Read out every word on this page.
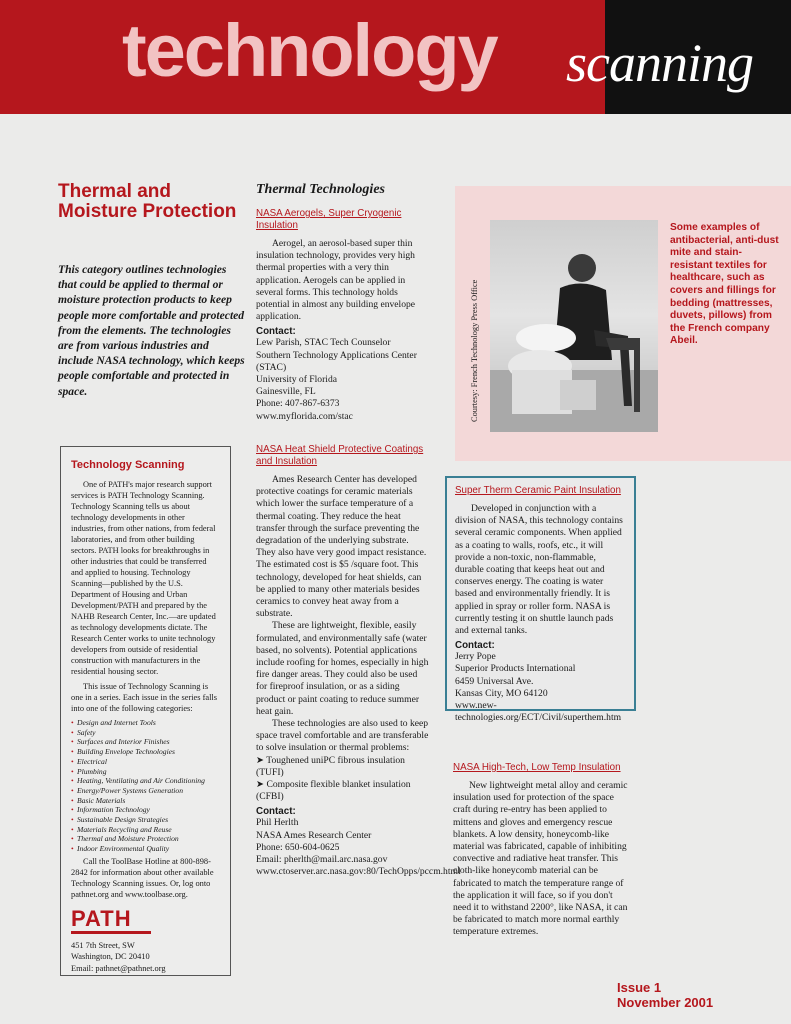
technology scanning
Thermal and Moisture Protection
This category outlines technologies that could be applied to thermal or moisture protection products to keep people more comfortable and protected from the elements. The technologies are from various industries and include NASA technology, which keeps people comfortable and protected in space.
Technology Scanning

One of PATH's major research support services is PATH Technology Scanning. Technology Scanning tells us about technology developments in other industries, from other nations, from federal laboratories, and from other building sectors. PATH looks for breakthroughs in other industries that could be transferred and applied to housing. Technology Scanning—published by the U.S. Department of Housing and Urban Development/PATH and prepared by the NAHB Research Center, Inc.—are updated as technology developments dictate. The Research Center works to unite technology developers from outside of residential construction with manufacturers in the residential housing sector.

This issue of Technology Scanning is one in a series. Each issue in the series falls into one of the following categories:

• Design and Internet Tools
• Safety
• Surfaces and Interior Finishes
• Building Envelope Technologies
• Electrical
• Plumbing
• Heating, Ventilating and Air Conditioning
• Energy/Power Systems Generation
• Basic Materials
• Information Technology
• Sustainable Design Strategies
• Materials Recycling and Reuse
• Thermal and Moisture Protection
• Indoor Environmental Quality

Call the ToolBase Hotline at 800-898-2842 for information about other available Technology Scanning issues. Or, log onto pathnet.org and www.toolbase.org.

PATH
451 7th Street, SW
Washington, DC 20410
Email: pathnet@pathnet.org
Thermal Technologies
NASA Aerogels, Super Cryogenic Insulation

Aerogel, an aerosol-based super thin insulation technology, provides very high thermal properties with a very thin application. Aerogels can be applied in several forms. This technology holds potential in almost any building envelope application.

Contact:

Lew Parish, STAC Tech Counselor

Southern Technology Applications Center (STAC)

University of Florida

Gainesville, FL

Phone: 407-867-6373

www.myflorida.com/stac

NASA Heat Shield Protective Coatings and Insulation

Ames Research Center has developed protective coatings for ceramic materials which lower the surface temperature of a thermal coating. They reduce the heat transfer through the surface preventing the degradation of the underlying substrate. They also have very good impact resistance. The estimated cost is $5 /square foot. This technology, developed for heat shields, can be applied to many other materials besides ceramics to convey heat away from a substrate.

These are lightweight, flexible, easily formulated, and environmentally safe (water based, no solvents). Potential applications include roofing for homes, especially in high fire danger areas. They could also be used for fireproof insulation, or as a siding product or paint coating to reduce summer heat gain.

These technologies are also used to keep space travel comfortable and are transferable to solve insulation or thermal problems:

➤ Toughened uniPC fibrous insulation (TUFI)

➤ Composite flexible blanket insulation (CFBI)

Contact:

Phil Herlth

NASA Ames Research Center

Phone: 650-604-0625

Email: pherlth@mail.arc.nasa.gov

www.ctoserver.arc.nasa.gov:80/TechOpps/pccm.html

Courtesy: French Technology Press Office
Some examples of antibacterial, anti-dust mite and stain-resistant textiles for healthcare, such as covers and fillings for bedding (mattresses, duvets, pillows) from the French company Abeil.
Super Therm Ceramic Paint Insulation

Developed in conjunction with a division of NASA, this technology contains several ceramic components. When applied as a coating to walls, roofs, etc., it will provide a non-toxic, non-flammable, durable coating that keeps heat out and conserves energy. The coating is water based and environmentally friendly. It is applied in spray or roller form. NASA is currently testing it on shuttle launch pads and external tanks.

Contact:

Jerry Pope

Superior Products International

6459 Universal Ave.

Kansas City, MO 64120

www.new-technologies.org/ECT/Civil/superthem.htm

NASA High-Tech, Low Temp Insulation

New lightweight metal alloy and ceramic insulation used for protection of the space craft during re-entry has been applied to mittens and gloves and emergency rescue blankets. A low density, honeycomb-like material was fabricated, capable of inhibiting convective and radiative heat transfer. This cloth-like honeycomb material can be fabricated to match the temperature range of the application it will face, so if you don't need it to withstand 2200°, like NASA, it can be fabricated to match more normal earthly temperature extremes.

Issue 1
November 2001
